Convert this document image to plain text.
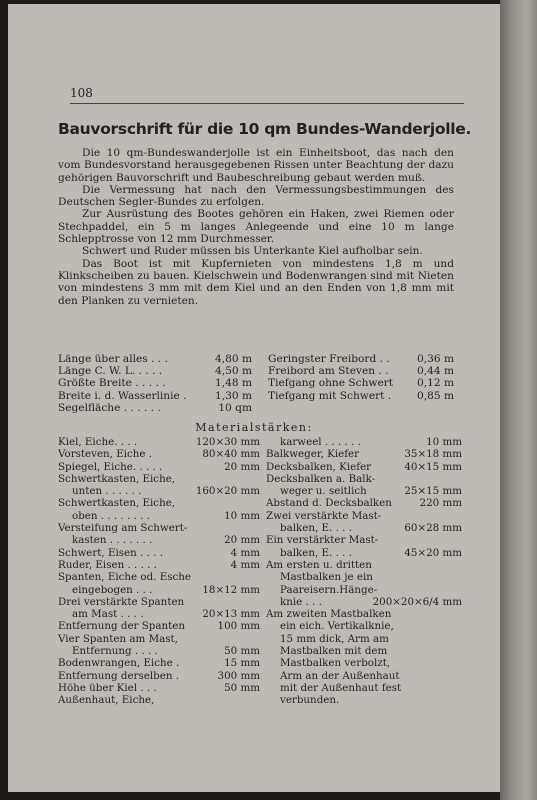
108
Bauvorschrift für die 10 qm Bundes-Wanderjolle.

Die 10 qm-Bundeswanderjolle ist ein Einheitsboot, das nach den vom Bundesvorstand herausgegebenen Rissen unter Beachtung der dazu gehörigen Bauvorschrift und Baubeschreibung gebaut werden muß.

Die Vermessung hat nach den Vermessungsbestimmungen des Deutschen Segler-Bundes zu erfolgen.

Zur Ausrüstung des Bootes gehören ein Haken, zwei Riemen oder Stechpaddel, ein 5 m langes Anlegeende und eine 10 m lange Schlepptrosse von 12 mm Durchmesser.

Schwert und Ruder müssen bis Unterkante Kiel aufholbar sein.

Das Boot ist mit Kupfernieten von mindestens 1,8 m und Klinkscheiben zu bauen. Kielschwein und Bodenwrangen sind mit Nieten von mindestens 3 mm mit dem Kiel und an den Enden von 1,8 mm mit den Planken zu vernieten.

Länge über alles . . .	4,80 m Geringster Freibord . .	0,36 m
Länge C. W. L. . . . .	4,50 m Freibord am Steven . .	0,44 m
Größte Breite . . . . .	1,48 m Tiefgang ohne Schwert 0,12 m
Breite i. d. Wasserlinie .	1,30 m Tiefgang mit Schwert . 0,85 m
Segelfläche . . . . . .	10 qm
Materialstärken:
Kiel, Eiche. . . .	120×30 mm
Vorsteven, Eiche .	80×40 mm
Spiegel, Eiche. . . . .	20 mm
Schwertkasten, Eiche,
unten . . . . . .	160×20 mm
Schwertkasten, Eiche,
oben . . . . . . . .	10 mm
Versteifung am Schwert-
kasten . . . . . . .	20 mm
Schwert, Eisen . . . .	4 mm
Ruder, Eisen . . . . .	4 mm
Spanten, Eiche od. Esche
eingebogen . . .	18×12 mm
Drei verstärkte Spanten
am Mast . . . .	20×13 mm
Entfernung der Spanten	100 mm
Vier Spanten am Mast,
Entfernung . . . .	50 mm
Bodenwrangen, Eiche .	15 mm
Entfernung derselben .	300 mm
Höhe über Kiel . . .	50 mm
Außenhaut, Eiche,
karweel . . . . . .	10 mm
Balkweger, Kiefer	35×18 mm
Decksbalken, Kiefer	40×15 mm
Decksbalken a. Balk-
weger u. seitlich	25×15 mm
Abstand d. Decksbalken	220 mm
Zwei verstärkte Mast-
balken, E. . . .	60×28 mm
Ein verstärkter Mast-
balken, E. . . .	45×20 mm
Am ersten u. dritten
Mastbalken je ein
Paareisern.Hänge-
knie . . .	200×20×6/4 mm
Am zweiten Mastbalken
ein eich. Vertikalknie,
15 mm dick, Arm am
Mastbalken mit dem
Mastbalken verbolzt,
Arm an der Außenhaut
mit der Außenhaut fest
verbunden.
